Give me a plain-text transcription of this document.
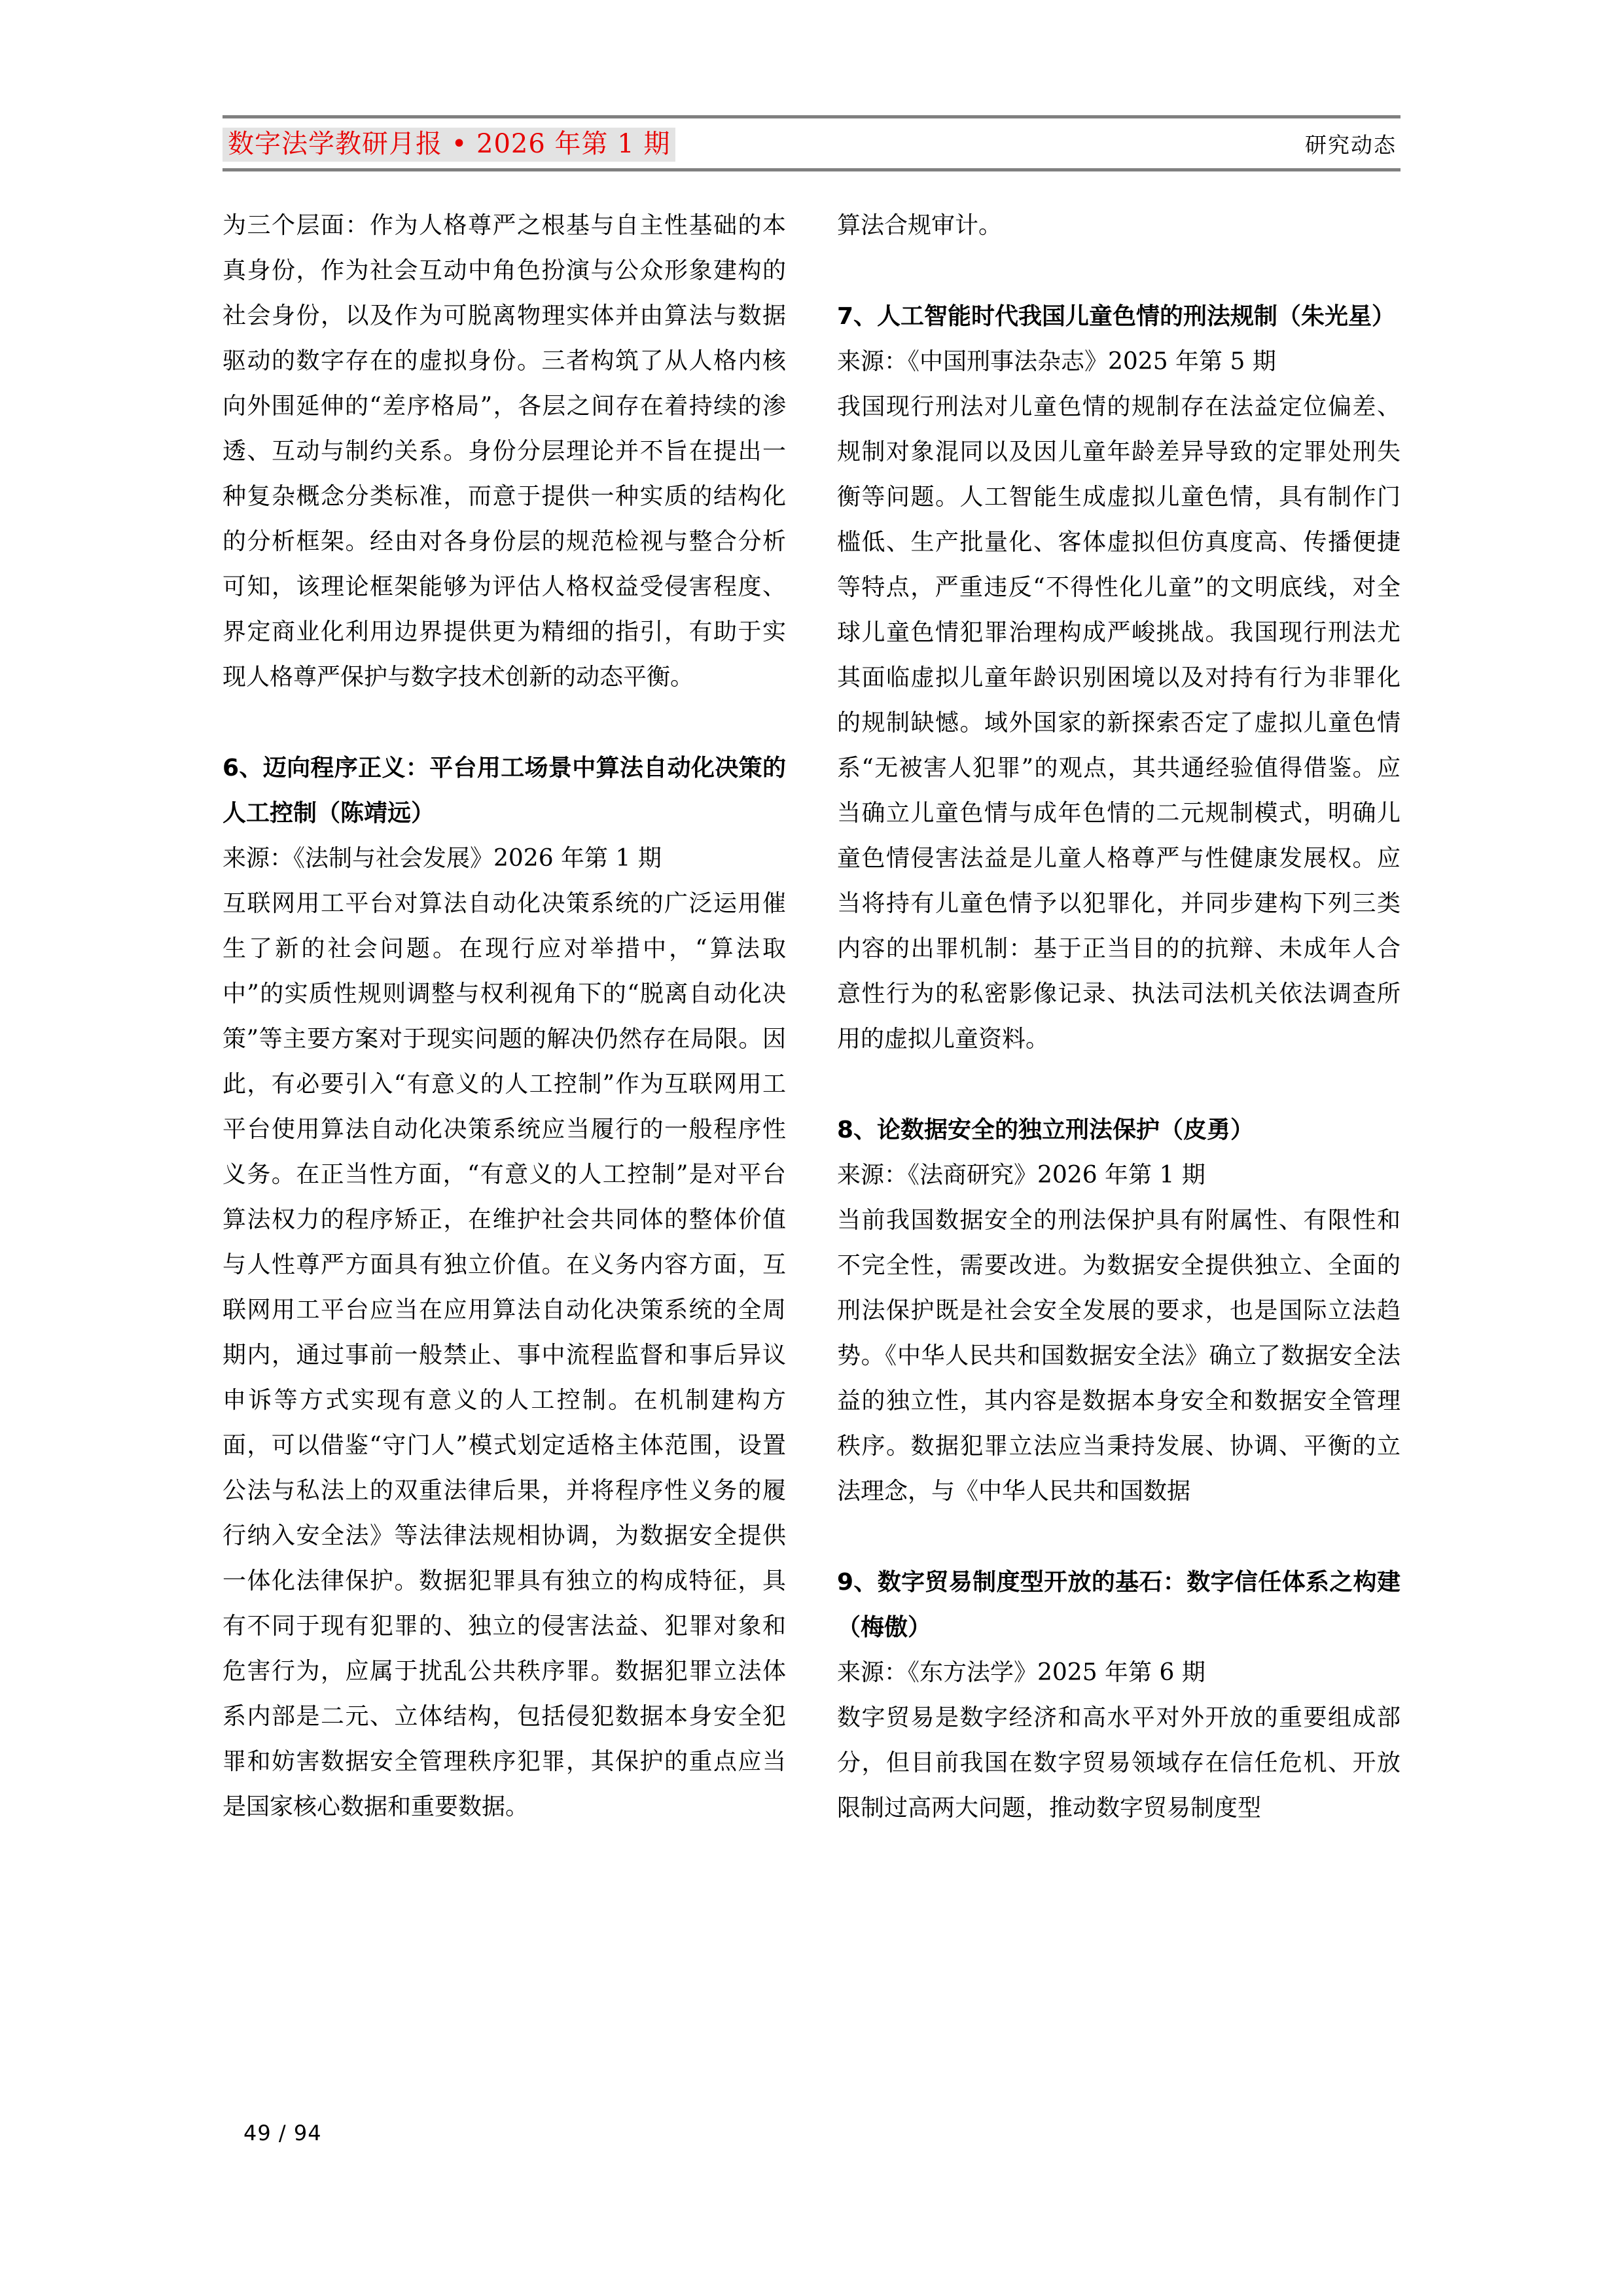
数字法学教研月报 • 2026 年第 1 期	研究动态

为三个层面：作为人格尊严之根基与自主性基础的本真身份，作为社会互动中角色扮演与公众形象建构的社会身份，以及作为可脱离物理实体并由算法与数据驱动的数字存在的虚拟身份。三者构筑了从人格内核向外围延伸的“差序格局”，各层之间存在着持续的渗透、互动与制约关系。身份分层理论并不旨在提出一种复杂概念分类标准，而意于提供一种实质的结构化的分析框架。经由对各身份层的规范检视与整合分析可知，该理论框架能够为评估人格权益受侵害程度、界定商业化利用边界提供更为精细的指引，有助于实现人格尊严保护与数字技术创新的动态平衡。

6、迈向程序正义：平台用工场景中算法自动化决策的人工控制（陈靖远）

来源：《法制与社会发展》2026 年第 1 期

互联网用工平台对算法自动化决策系统的广泛运用催生了新的社会问题。在现行应对举措中，“算法取中”的实质性规则调整与权利视角下的“脱离自动化决策”等主要方案对于现实问题的解决仍然存在局限。因此，有必要引入“有意义的人工控制”作为互联网用工平台使用算法自动化决策系统应当履行的一般程序性义务。在正当性方面，“有意义的人工控制”是对平台算法权力的程序矫正，在维护社会共同体的整体价值与人性尊严方面具有独立价值。在义务内容方面，互联网用工平台应当在应用算法自动化决策系统的全周期内，通过事前一般禁止、事中流程监督和事后异议申诉等方式实现有意义的人工控制。在机制建构方面，可以借鉴“守门人”模式划定适格主体范围，设置公法与私法上的双重法律后果，并将程序性义务的履行纳入安全法》等法律法规相协调，为数据安全提供一体化法律保护。数据犯罪具有独立的构成特征，具有不同于现有犯罪的、独立的侵害法益、犯罪对象和危害行为，应属于扰乱公共秩序罪。数据犯罪立法体系内部是二元、立体结构，包括侵犯数据本身安全犯罪和妨害数据安全管理秩序犯罪，其保护的重点应当是国家核心数据和重要数据。

算法合规审计。

7、人工智能时代我国儿童色情的刑法规制（朱光星）

来源：《中国刑事法杂志》2025 年第 5 期

我国现行刑法对儿童色情的规制存在法益定位偏差、规制对象混同以及因儿童年龄差异导致的定罪处刑失衡等问题。人工智能生成虚拟儿童色情，具有制作门槛低、生产批量化、客体虚拟但仿真度高、传播便捷等特点，严重违反“不得性化儿童”的文明底线，对全球儿童色情犯罪治理构成严峻挑战。我国现行刑法尤其面临虚拟儿童年龄识别困境以及对持有行为非罪化的规制缺憾。域外国家的新探索否定了虚拟儿童色情系“无被害人犯罪”的观点，其共通经验值得借鉴。应当确立儿童色情与成年色情的二元规制模式，明确儿童色情侵害法益是儿童人格尊严与性健康发展权。应当将持有儿童色情予以犯罪化，并同步建构下列三类内容的出罪机制：基于正当目的的抗辩、未成年人合意性行为的私密影像记录、执法司法机关依法调查所用的虚拟儿童资料。

8、论数据安全的独立刑法保护（皮勇）

来源：《法商研究》2026 年第 1 期

当前我国数据安全的刑法保护具有附属性、有限性和不完全性，需要改进。为数据安全提供独立、全面的刑法保护既是社会安全发展的要求，也是国际立法趋势。《中华人民共和国数据安全法》确立了数据安全法益的独立性，其内容是数据本身安全和数据安全管理秩序。数据犯罪立法应当秉持发展、协调、平衡的立法理念，与《中华人民共和国数据

9、数字贸易制度型开放的基石：数字信任体系之构建（梅傲）

来源：《东方法学》2025 年第 6 期

数字贸易是数字经济和高水平对外开放的重要组成部分，但目前我国在数字贸易领域存在信任危机、开放限制过高两大问题，推动数字贸易制度型

49 / 94
